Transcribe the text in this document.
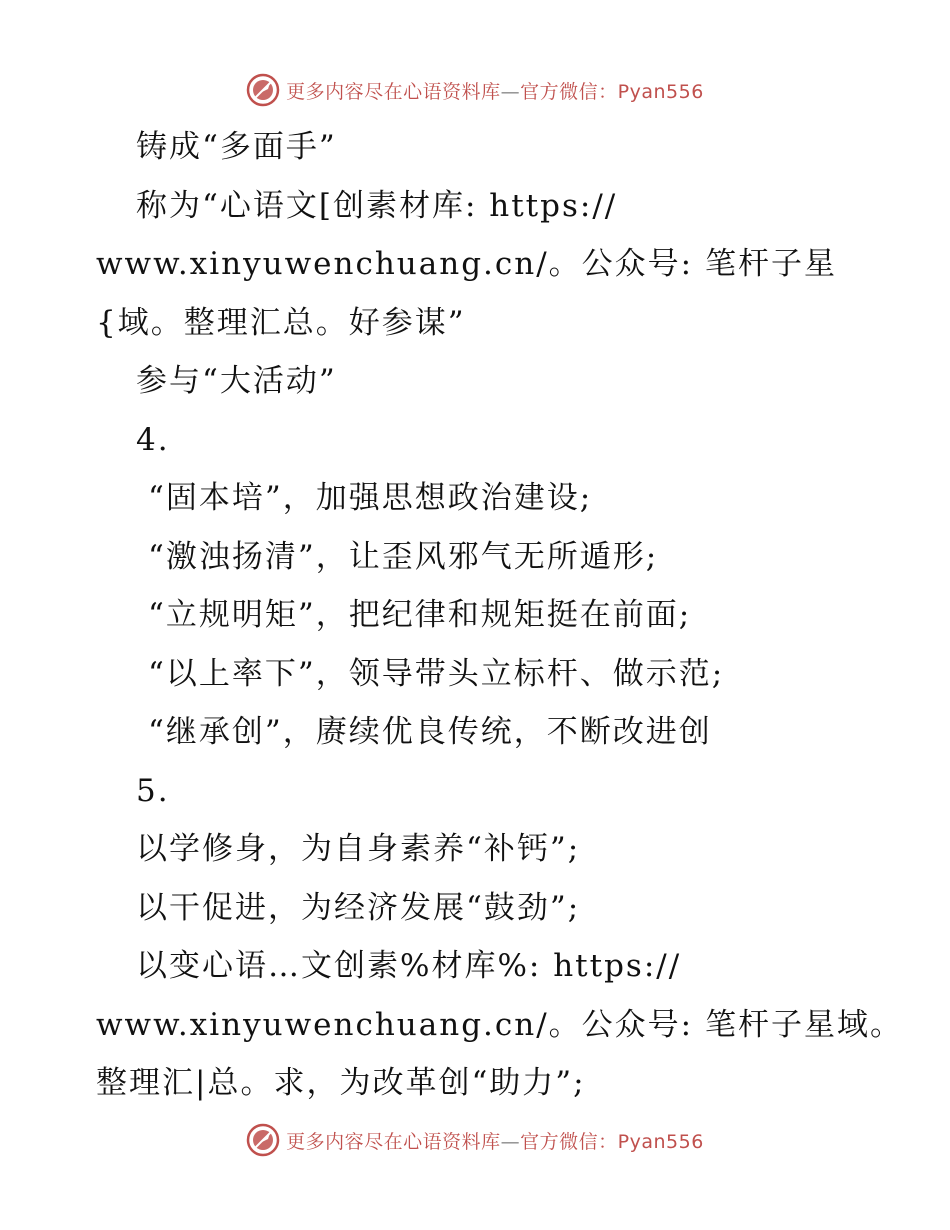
更多内容尽在心语资料库—官方微信：Pyan556
铸成“多面手”
称为“心语文[创素材库: https://
www.xinyuwenchuang.cn/。公众号: 笔杆子星
{域。整理汇总。好参谋”
参与“大活动”
4.
“固本培”，加强思想政治建设;
“激浊扬清”，让歪风邪气无所遁形;
“立规明矩”，把纪律和规矩挺在前面;
“以上率下”，领导带头立标杆、做示范;
“继承创”，赓续优良传统，不断改进创
5.
以学修身，为自身素养“补钙”;
以干促进，为经济发展“鼓劲”;
以变心语…文创素%材库%: https://
www.xinyuwenchuang.cn/。公众号: 笔杆子星域。
整理汇|总。求，为改革创“助力”;
更多内容尽在心语资料库—官方微信：Pyan556
